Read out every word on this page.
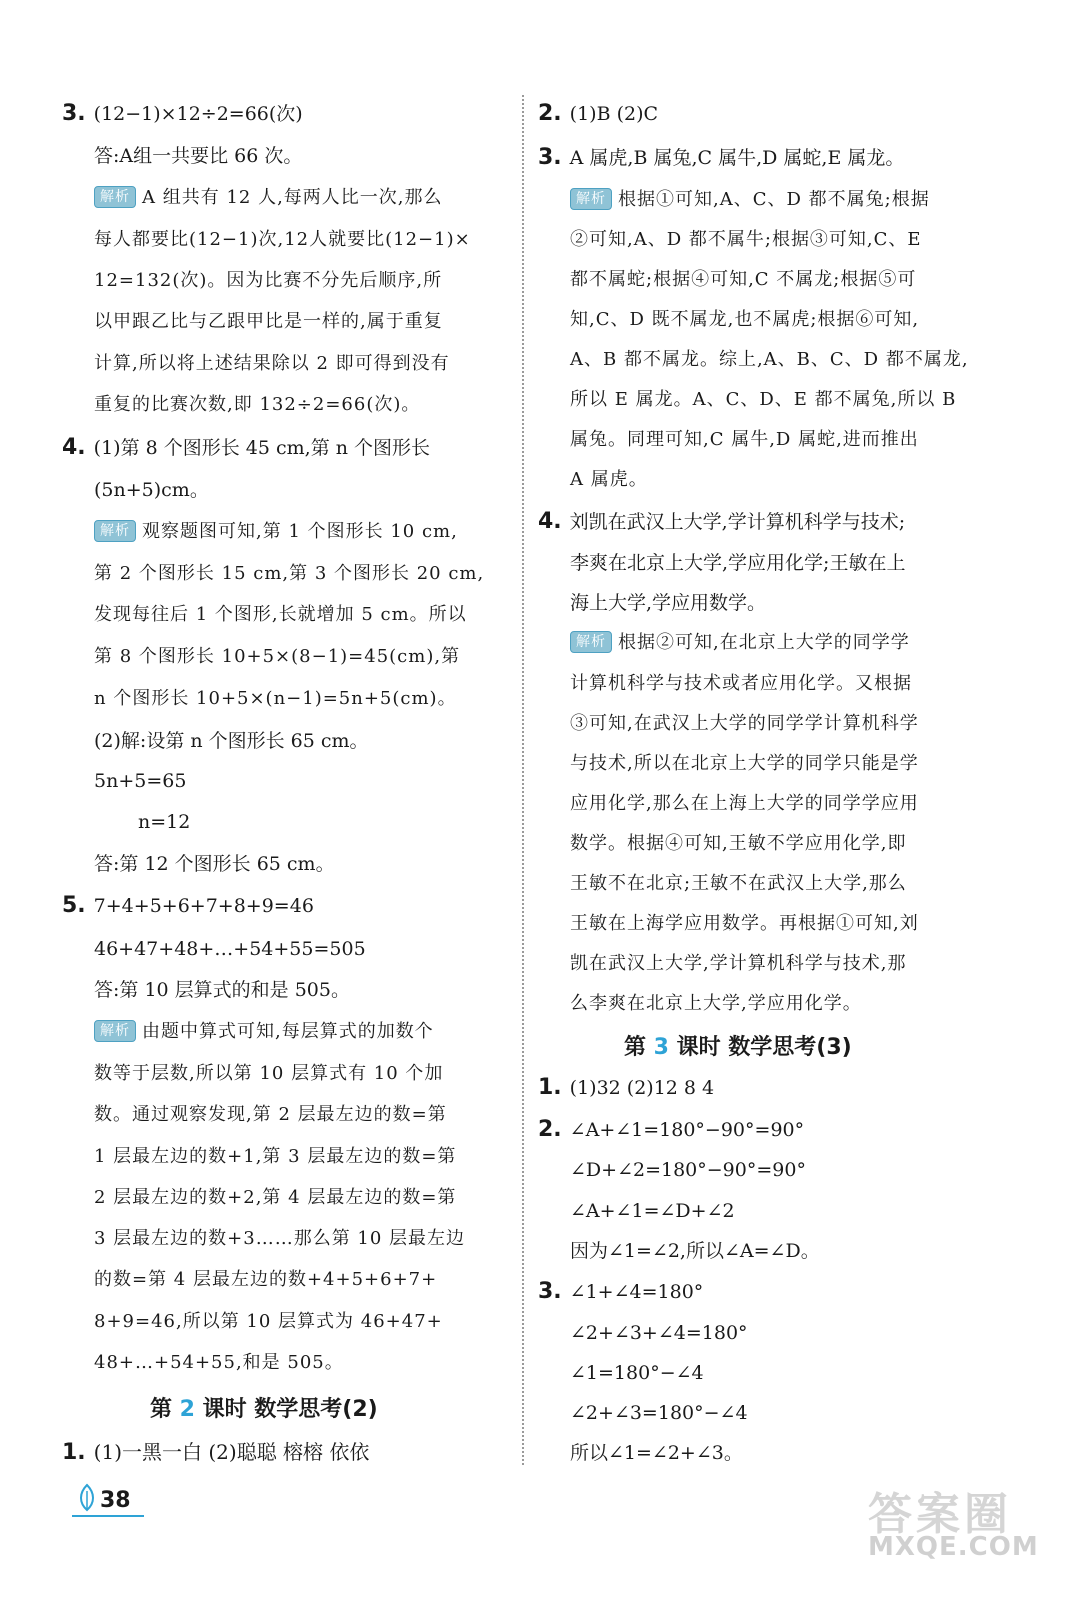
3. (12−1)×12÷2=66(次)
答:A组一共要比 66 次。
解析 A 组共有 12 人,每两人比一次,那么
每人都要比(12−1)次,12人就要比(12−1)×
12=132(次)。因为比赛不分先后顺序,所
以甲跟乙比与乙跟甲比是一样的,属于重复
计算,所以将上述结果除以 2 即可得到没有
重复的比赛次数,即 132÷2=66(次)。
4. (1)第 8 个图形长 45 cm,第 n 个图形长
(5n+5)cm。
解析 观察题图可知,第 1 个图形长 10 cm,
第 2 个图形长 15 cm,第 3 个图形长 20 cm,
发现每往后 1 个图形,长就增加 5 cm。所以
第 8 个图形长 10+5×(8−1)=45(cm),第
n 个图形长 10+5×(n−1)=5n+5(cm)。
(2)解:设第 n 个图形长 65 cm。
5n+5=65
n=12
答:第 12 个图形长 65 cm。
5. 7+4+5+6+7+8+9=46
46+47+48+…+54+55=505
答:第 10 层算式的和是 505。
解析 由题中算式可知,每层算式的加数个
数等于层数,所以第 10 层算式有 10 个加
数。通过观察发现,第 2 层最左边的数=第
1 层最左边的数+1,第 3 层最左边的数=第
2 层最左边的数+2,第 4 层最左边的数=第
3 层最左边的数+3……那么第 10 层最左边
的数=第 4 层最左边的数+4+5+6+7+
8+9=46,所以第 10 层算式为 46+47+
48+…+54+55,和是 505。
第 2 课时 数学思考(2)
1. (1)一黑一白 (2)聪聪 榕榕 依依
2. (1)B (2)C
3. A 属虎,B 属兔,C 属牛,D 属蛇,E 属龙。
解析 根据①可知,A、C、D 都不属兔;根据
②可知,A、D 都不属牛;根据③可知,C、E
都不属蛇;根据④可知,C 不属龙;根据⑤可
知,C、D 既不属龙,也不属虎;根据⑥可知,
A、B 都不属龙。综上,A、B、C、D 都不属龙,
所以 E 属龙。A、C、D、E 都不属兔,所以 B
属兔。同理可知,C 属牛,D 属蛇,进而推出
A 属虎。
4. 刘凯在武汉上大学,学计算机科学与技术;
李爽在北京上大学,学应用化学;王敏在上
海上大学,学应用数学。
解析 根据②可知,在北京上大学的同学学
计算机科学与技术或者应用化学。又根据
③可知,在武汉上大学的同学学计算机科学
与技术,所以在北京上大学的同学只能是学
应用化学,那么在上海上大学的同学学应用
数学。根据④可知,王敏不学应用化学,即
王敏不在北京;王敏不在武汉上大学,那么
王敏在上海学应用数学。再根据①可知,刘
凯在武汉上大学,学计算机科学与技术,那
么李爽在北京上大学,学应用化学。
第 3 课时 数学思考(3)
1. (1)32 (2)12 8 4
2. ∠A+∠1=180°−90°=90°
∠D+∠2=180°−90°=90°
∠A+∠1=∠D+∠2
因为∠1=∠2,所以∠A=∠D。
3. ∠1+∠4=180°
∠2+∠3+∠4=180°
∠1=180°−∠4
∠2+∠3=180°−∠4
所以∠1=∠2+∠3。
38	答案圈
MXQE.COM
